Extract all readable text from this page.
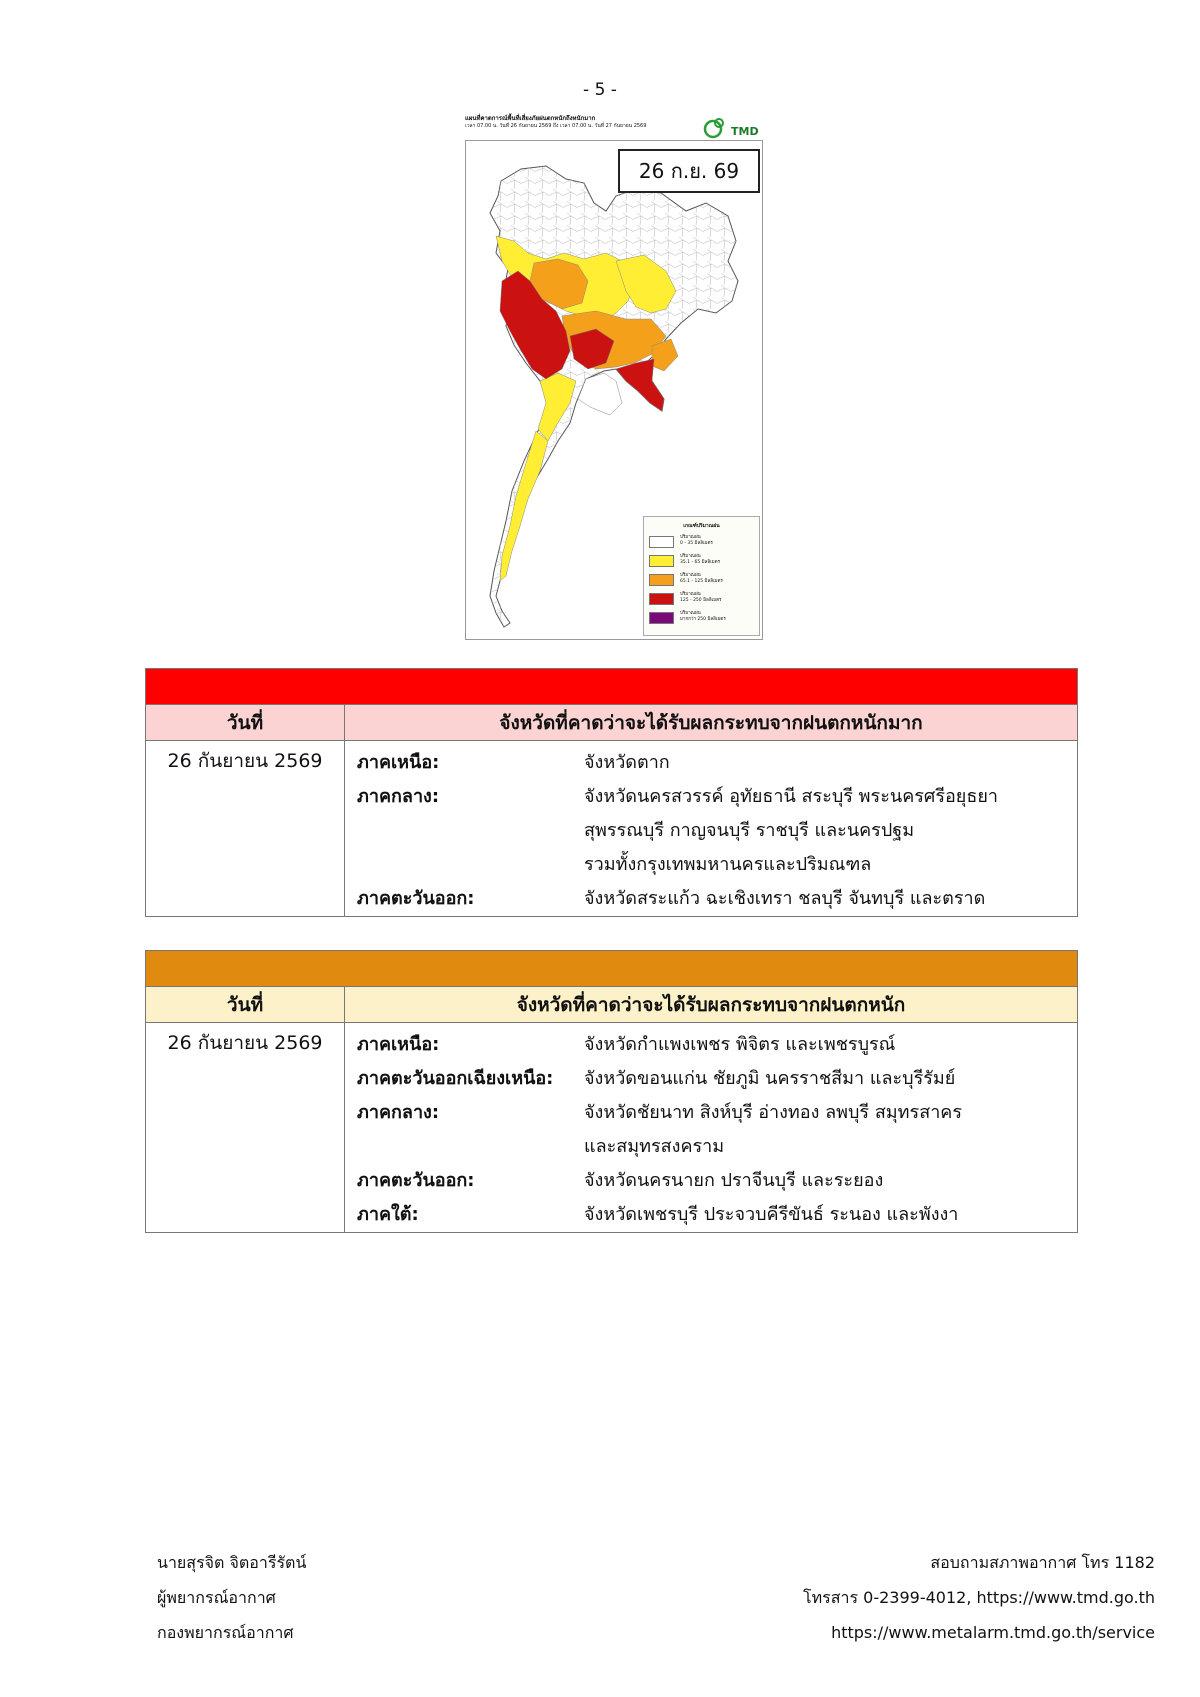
- 5 -
แผนที่คาดการณ์พื้นที่เสี่ยงภัยฝนตกหนักถึงหนักมาก
เวลา 07.00 น. วันที่ 26 กันยายน 2569 ถึง เวลา 07.00 น. วันที่ 27 กันยายน 2569	TMD
26 ก.ย. 69
เกณฑ์ปริมาณฝน
ปริมาณฝน
0 - 35 มิลลิเมตร
ปริมาณฝน
35.1 - 65 มิลลิเมตร
ปริมาณฝน
65.1 - 125 มิลลิเมตร
ปริมาณฝน
125 - 250 มิลลิเมตร
ปริมาณฝน
มากกว่า 250 มิลลิเมตร
วันที่	จังหวัดที่คาดว่าจะได้รับผลกระทบจากฝนตกหนักมาก
26 กันยายน 2569	ภาคเหนือ:	จังหวัดตาก
ภาคกลาง:	จังหวัดนครสวรรค์ อุทัยธานี สระบุรี พระนครศรีอยุธยา
สุพรรณบุรี กาญจนบุรี ราชบุรี และนครปฐม
รวมทั้งกรุงเทพมหานครและปริมณฑล
ภาคตะวันออก:	จังหวัดสระแก้ว ฉะเชิงเทรา ชลบุรี จันทบุรี และตราด
วันที่	จังหวัดที่คาดว่าจะได้รับผลกระทบจากฝนตกหนัก
26 กันยายน 2569	ภาคเหนือ:	จังหวัดกำแพงเพชร พิจิตร และเพชรบูรณ์
ภาคตะวันออกเฉียงเหนือ:	จังหวัดขอนแก่น ชัยภูมิ นครราชสีมา และบุรีรัมย์
ภาคกลาง:	จังหวัดชัยนาท สิงห์บุรี อ่างทอง ลพบุรี สมุทรสาคร
และสมุทรสงคราม
ภาคตะวันออก:	จังหวัดนครนายก ปราจีนบุรี และระยอง
ภาคใต้:	จังหวัดเพชรบุรี ประจวบคีรีขันธ์ ระนอง และพังงา
นายสุรจิต จิตอารีรัตน์
ผู้พยากรณ์อากาศ
กองพยากรณ์อากาศ
สอบถามสภาพอากาศ โทร 1182
โทรสาร 0-2399-4012, https://www.tmd.go.th
https://www.metalarm.tmd.go.th/service
